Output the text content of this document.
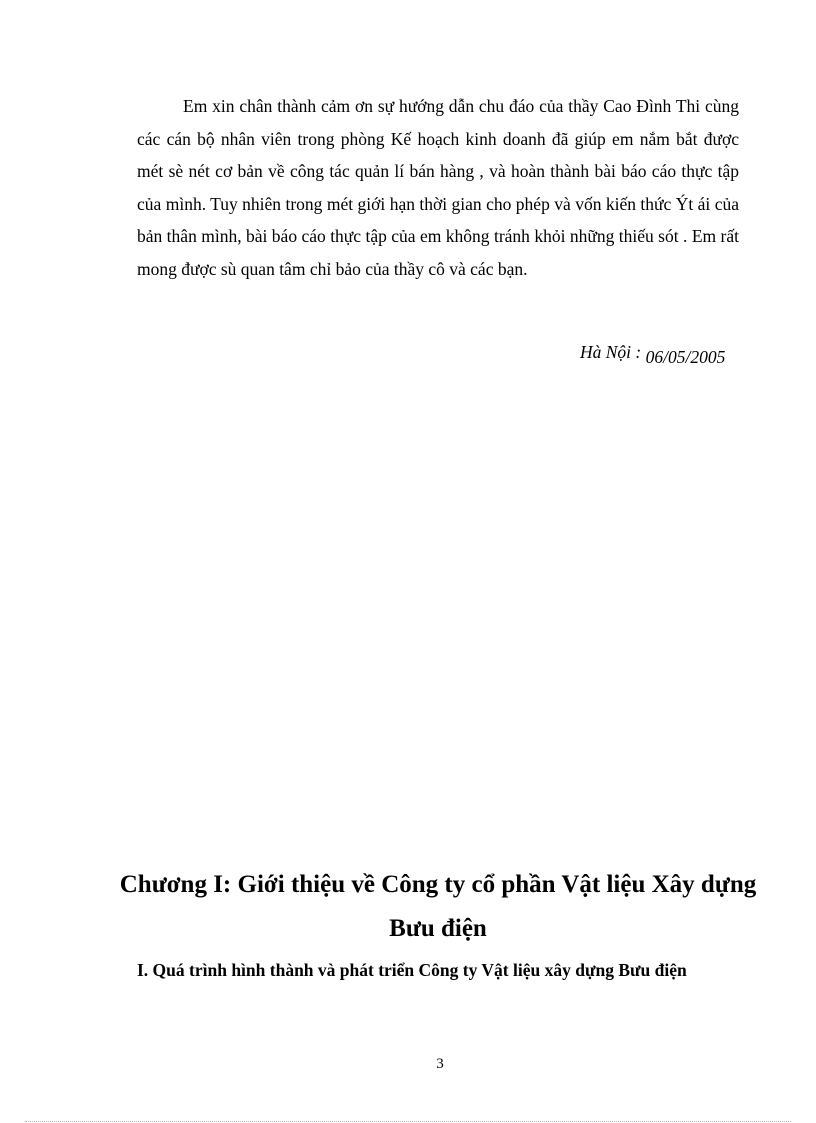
Em xin chân thành cảm ơn sự hướng dẫn chu đáo của thầy Cao Đình Thi cùng các cán bộ nhân viên trong phòng Kế hoạch kinh doanh đã giúp em nắm bắt được mét sè nét cơ bản về công tác quản lí bán hàng , và hoàn thành bài báo cáo thực tập của mình. Tuy nhiên trong mét giới hạn thời gian cho phép và vốn kiến thức Ýt ái của bản thân mình, bài báo cáo thực tập của em không tránh khỏi những thiếu sót . Em rất mong được sù quan tâm chỉ bảo của thầy cô và các bạn.

Hà Nội : 06/05/2005
Chương I: Giới thiệu về Công ty cổ phần Vật liệu Xây dựng Bưu điện
I. Quá trình hình thành và phát triển Công ty Vật liệu xây dựng Bưu điện
3
